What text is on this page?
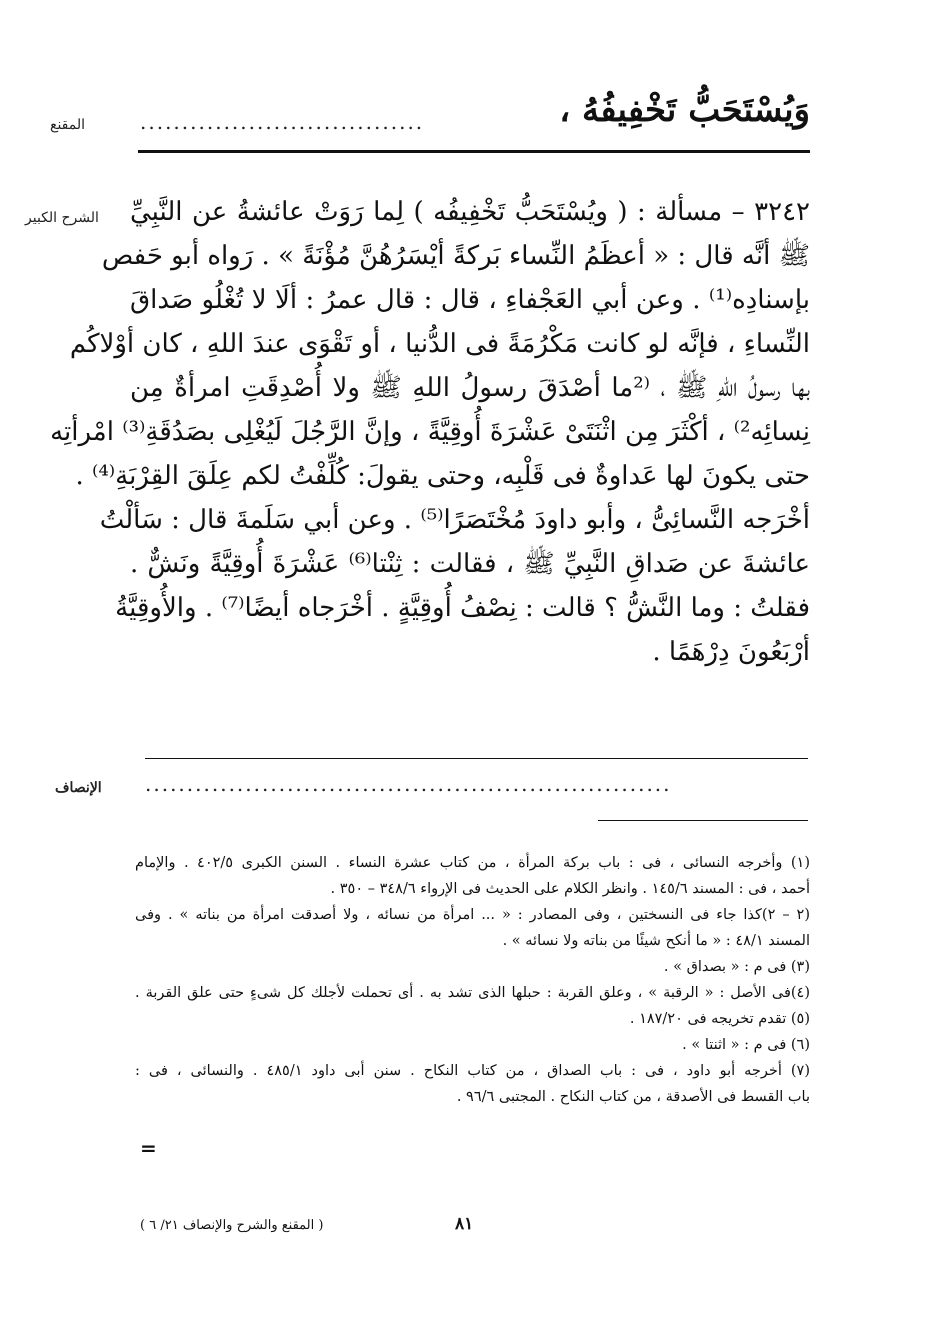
وَيُسْتَحَبُّ تَخْفِيفُهُ ،
..................................
المقنع
الشرح الكبير ٣٢٤٢ – مسألة : ( ويُسْتَحَبُّ تَخْفِيفُه ) لِما رَوَتْ عائشةُ عن النَّبِيِّ
ﷺ أنَّه قال : « أعظَمُ النِّساء بَركةً أيْسَرُهُنَّ مُؤْنَةً » . رَواه أبو حَفص
بإسنادِه⁽¹⁾ . وعن أبي العَجْفاءِ ، قال : قال عمرُ : ألَا لا تُغْلُو صَداقَ
النِّساءِ ، فإنَّه لو كانت مَكْرُمَةً فى الدُّنيا ، أو تَقْوَى عندَ اللهِ ، كان أوْلاكُم
بها رسولُ اللهِ ﷺ ، ⁽²ما أصْدَقَ رسولُ اللهِ ﷺ ولا أُصْدِقَتِ امرأةٌ مِن
نِسائِه²⁾ ، أكْثَرَ مِن اثْنَتَىْ عَشْرَةَ أُوقِيَّةً ، وإنَّ الرَّجُلَ لَيُغْلِى بصَدُقَةِ⁽³⁾ امْرأتِه
حتى يكونَ لها عَداوةٌ فى قَلْبِه، وحتى يقولَ: كُلِّفْتُ لكم عِلَقَ القِرْبَةِ⁽⁴⁾ .
أخْرَجه النَّسائِىُّ ، وأبو داودَ مُخْتَصَرًا⁽⁵⁾ . وعن أبي سَلَمةَ قال : سَألْتُ
عائشةَ عن صَداقِ النَّبِيِّ ﷺ ، فقالت : ثِنْتا⁽⁶⁾ عَشْرَةَ أُوقِيَّةً ونَشٌّ .
فقلتُ : وما النَّشُّ ؟ قالت : نِصْفُ أُوقِيَّةٍ . أخْرَجاه أيضًا⁽⁷⁾ . والأُوقِيَّةُ
أرْبَعُونَ دِرْهَمًا .
...............................................................
الإنصاف
(١) وأخرجه النسائى ، فى : باب بركة المرأة ، من كتاب عشرة النساء . السنن الكبرى ٤٠٢/٥ . والإمام
أحمد ، فى : المسند ١٤٥/٦ . وانظر الكلام على الحديث فى الإرواء ٣٤٨/٦ – ٣٥٠ .
(٢ – ٢)كذا جاء فى النسختين ، وفى المصادر : « ... امرأة من نسائه ، ولا أصدقت امرأة من بناته » . وفى
المسند ٤٨/١ : « ما أنكح شيئًا من بناته ولا نسائه » .
(٣) فى م : « بصداق » .
(٤)فى الأصل : « الرقبة » ، وعلق القربة : حبلها الذى تشد به . أى تحملت لأجلك كل شىءٍ حتى علق القربة .
(٥) تقدم تخريجه فى ١٨٧/٢٠ .
(٦) فى م : « اثنتا » .
(٧) أخرجه أبو داود ، فى : باب الصداق ، من كتاب النكاح . سنن أبى داود ٤٨٥/١ . والنسائى ، فى :
باب القسط فى الأصدقة ، من كتاب النكاح . المجتبى ٩٦/٦ .
=
٨١
( المقنع والشرح والإنصاف ٢١/ ٦ )
